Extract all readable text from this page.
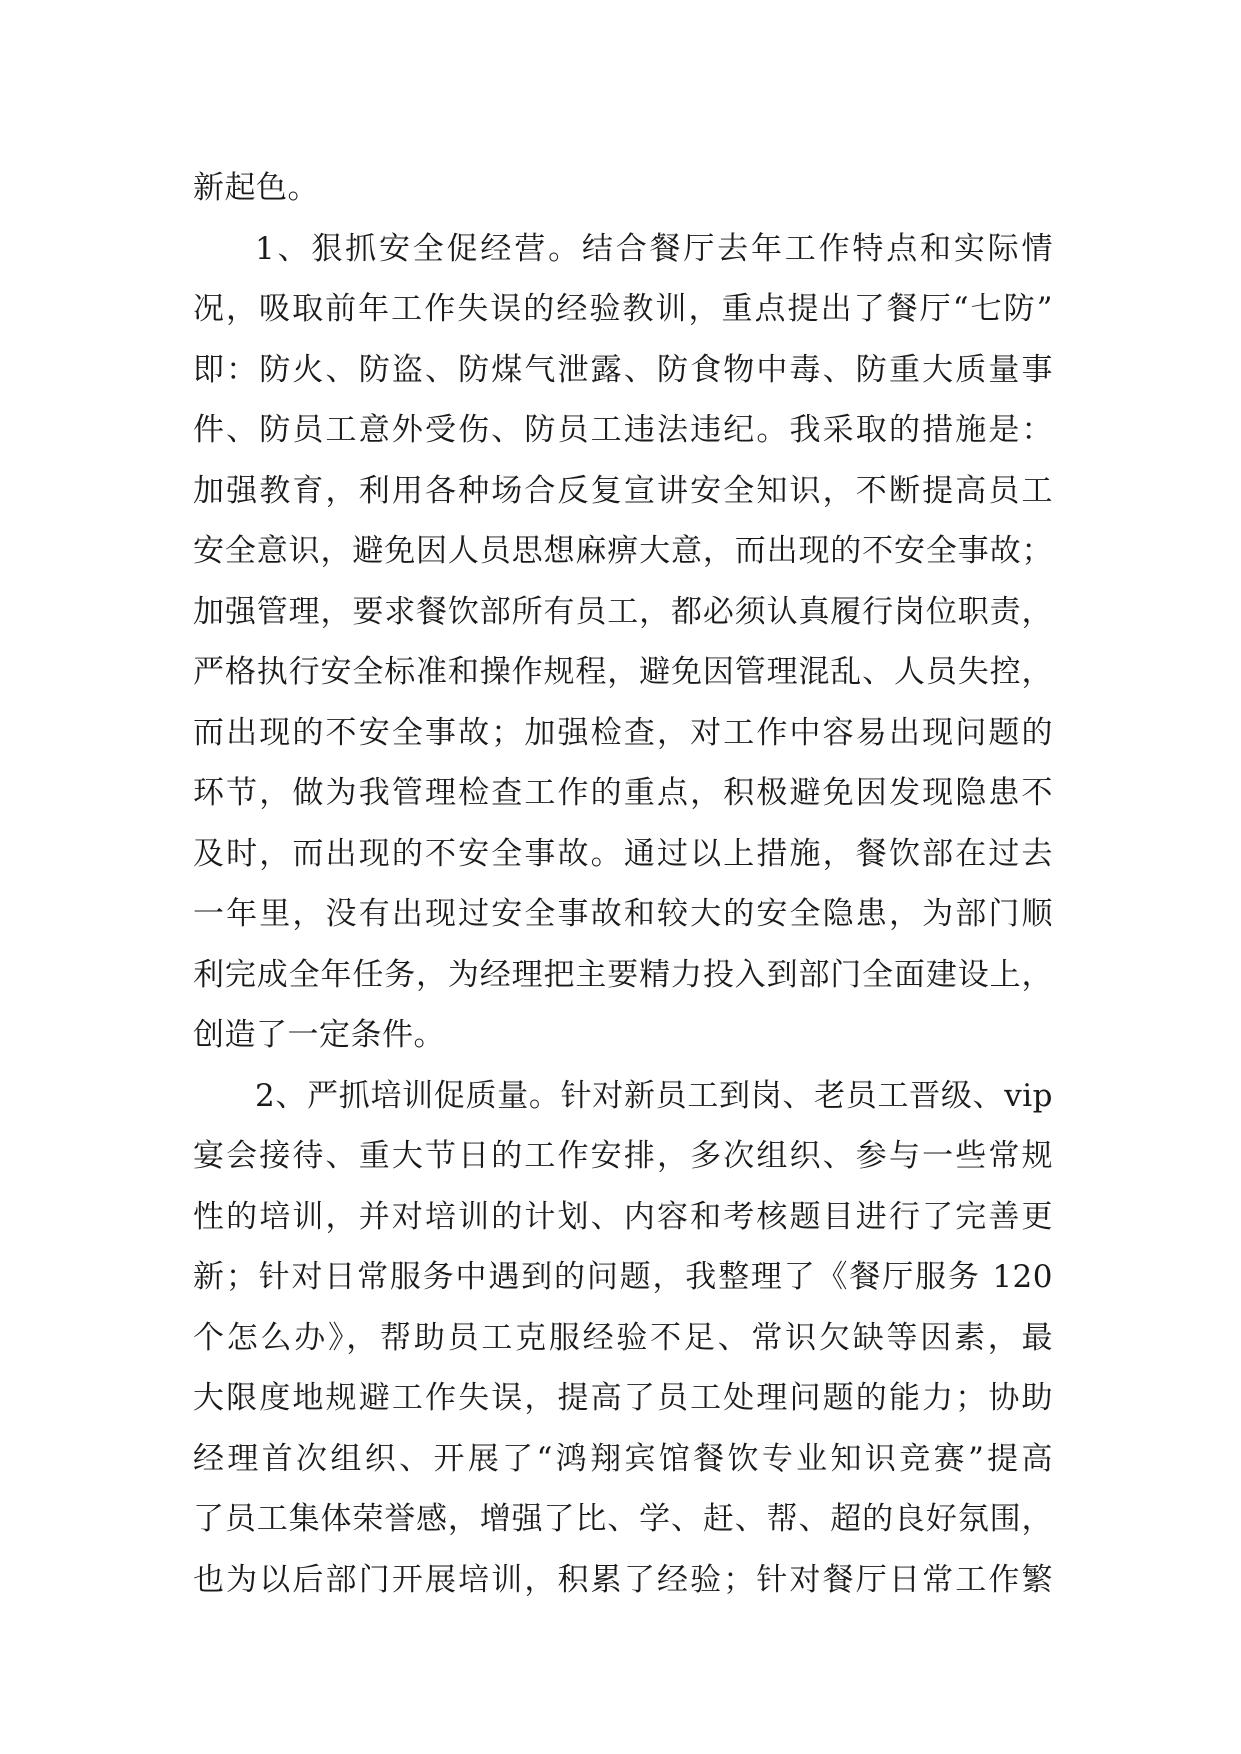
新起色。
1、狠抓安全促经营。结合餐厅去年工作特点和实际情
况，吸取前年工作失误的经验教训，重点提出了餐厅“七防”
即：防火、防盗、防煤气泄露、防食物中毒、防重大质量事
件、防员工意外受伤、防员工违法违纪。我采取的措施是：
加强教育，利用各种场合反复宣讲安全知识，不断提高员工
安全意识，避免因人员思想麻痹大意，而出现的不安全事故；
加强管理，要求餐饮部所有员工，都必须认真履行岗位职责，
严格执行安全标准和操作规程，避免因管理混乱、人员失控，
而出现的不安全事故；加强检查，对工作中容易出现问题的
环节，做为我管理检查工作的重点，积极避免因发现隐患不
及时，而出现的不安全事故。通过以上措施，餐饮部在过去
一年里，没有出现过安全事故和较大的安全隐患，为部门顺
利完成全年任务，为经理把主要精力投入到部门全面建设上，
创造了一定条件。
2、严抓培训促质量。针对新员工到岗、老员工晋级、vip
宴会接待、重大节日的工作安排，多次组织、参与一些常规
性的培训，并对培训的计划、内容和考核题目进行了完善更
新；针对日常服务中遇到的问题，我整理了《餐厅服务 120
个怎么办》，帮助员工克服经验不足、常识欠缺等因素，最
大限度地规避工作失误，提高了员工处理问题的能力；协助
经理首次组织、开展了“鸿翔宾馆餐饮专业知识竞赛”提高
了员工集体荣誉感，增强了比、学、赶、帮、超的良好氛围，
也为以后部门开展培训，积累了经验；针对餐厅日常工作繁
